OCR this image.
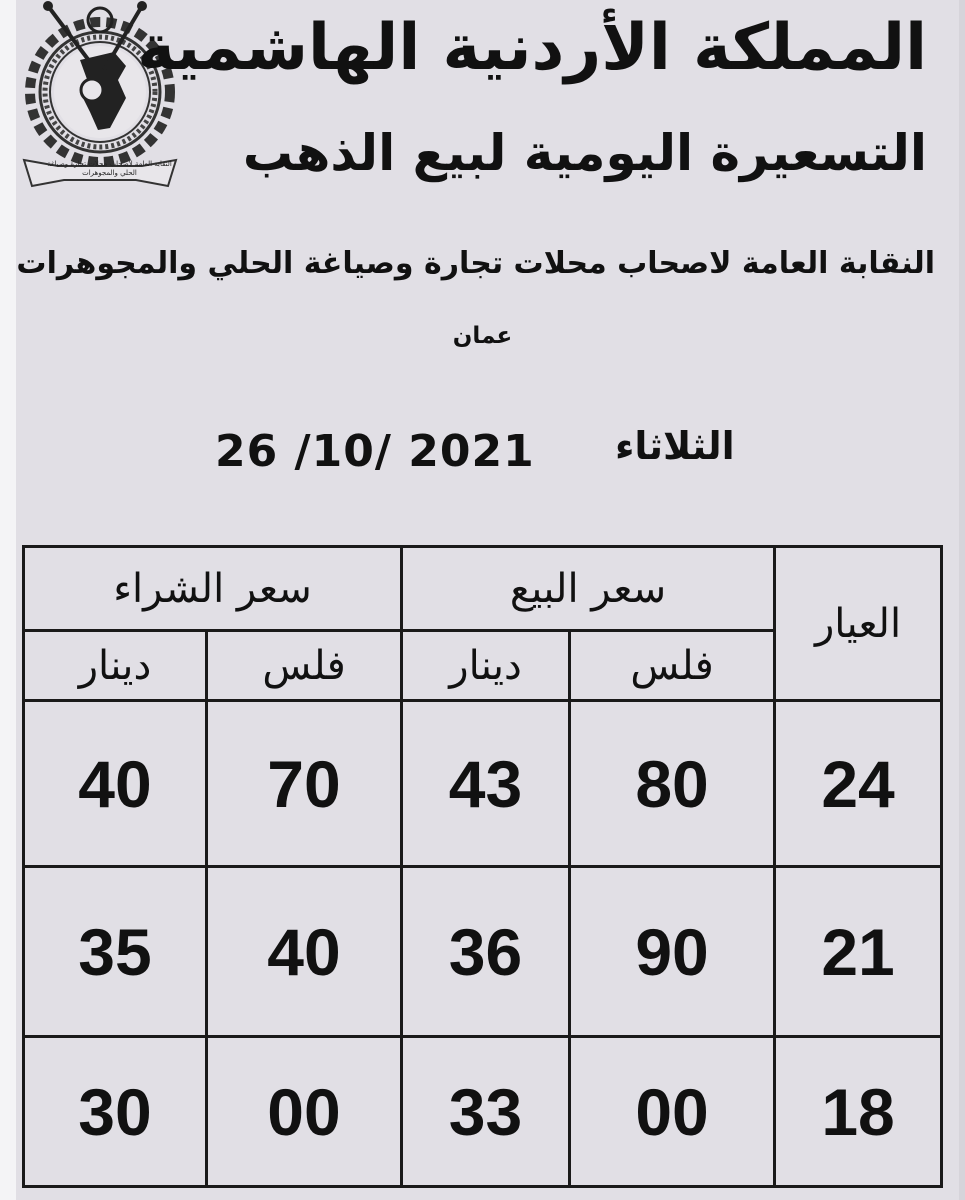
النقابة العامة لأصحاب محلات تجارة وصياغة الحلي والمجوهرات
المملكة الأردنية الهاشمية
التسعيرة اليومية لبيع الذهب
النقابة العامة لاصحاب محلات تجارة وصياغة الحلي والمجوهرات
عمان
الثلاثاء
26 /10/ 2021
سعر الشراء		سعر البيع		العيار
دينار	فلس	دينار	فلس	
40	70	43	80	24
35	40	36	90	21
30	00	33	00	18
